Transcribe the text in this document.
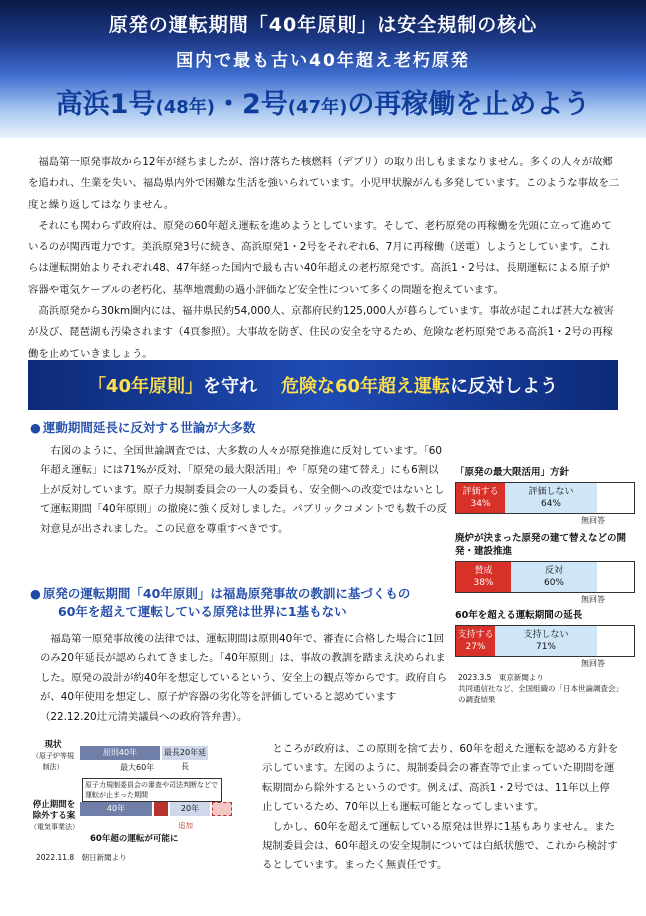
原発の運転期間「40年原則」は安全規制の核心
国内で最も古い40年超え老朽原発
高浜1号(48年)・2号(47年)の再稼働を止めよう

福島第一原発事故から12年が経ちましたが、溶け落ちた核燃料（デブリ）の取り出しもままなりません。多くの人々が故郷を追われ、生業を失い、福島県内外で困難な生活を強いられています。小児甲状腺がんも多発しています。このような事故を二度と繰り返してはなりません。

それにも関わらず政府は、原発の60年超え運転を進めようとしています。そして、老朽原発の再稼働を先頭に立って進めているのが関西電力です。美浜原発3号に続き、高浜原発1・2号をそれぞれ6、7月に再稼働（送電）しようとしています。これらは運転開始よりそれぞれ48、47年経った国内で最も古い40年超えの老朽原発です。高浜1・2号は、長期運転による原子炉容器や電気ケーブルの老朽化、基準地震動の過小評価など安全性について多くの問題を抱えています。

高浜原発から30km圏内には、福井県民約54,000人、京都府民約125,000人が暮らしています。事故が起これば甚大な被害が及び、琵琶湖も汚染されます（4頁参照）。大事故を防ぎ、住民の安全を守るため、危険な老朽原発である高浜1・2号の再稼働を止めていきましょう。

「40年原則」を守れ 危険な60年超え運転に反対しよう
● 運動期間延長に反対する世論が大多数

右図のように、全国世論調査では、大多数の人々が原発推進に反対しています。「60年超え運転」には71%が反対、「原発の最大限活用」や「原発の建て替え」にも6割以上が反対しています。原子力規制委員会の一人の委員も、安全側への改変ではないとして運転期間「40年原則」の撤廃に強く反対しました。パブリックコメントでも数千の反対意見が出されました。この民意を尊重すべきです。

「原発の最大限活用」方針
評価する
34%
評価しない
64%
無回答
廃炉が決まった原発の建て替えなどの開発・建設推進
賛成
38%
反対
60%
無回答
60年を超える運転期間の延長
支持する
27%
支持しない
71%
無回答
2023.3.5　東京新聞より
共同通信社など、全国組織の「日本世論調査会」
の調査結果
● 原発の運転期間「40年原則」は福島原発事故の教訓に基づくもの
60年を超えて運転している原発は世界に1基もない

福島第一原発事故後の法律では、運転期間は原則40年で、審査に合格した場合に1回のみ20年延長が認められてきました。「40年原則」は、事故の教訓を踏まえ決められました。原発の設計が約40年を想定しているという、安全上の観点等からです。政府自らが、40年使用を想定し、原子炉容器の劣化等を評価していると認めています（22.12.20辻元清美議員への政府答弁書）。

現状
（原子炉等規制法）
原則40年	最長20年延長
最大60年
原子力規制委員会の審査や司法判断などで運転が止まった期間
停止期間を除外する案
（電気事業法）
40年	20年
追加
60年超の運転が可能に
2022.11.8　朝日新聞より

ところが政府は、この原則を捨て去り、60年を超えた運転を認める方針を示しています。左図のように、規制委員会の審査等で止まっていた期間を運転期間から除外するというのです。例えば、高浜1・2号では、11年以上停止しているため、70年以上も運転可能となってしまいます。

しかし、60年を超えて運転している原発は世界に1基もありません。また規制委員会は、60年超えの安全規制については白紙状態で、これから検討するとしています。まったく無責任です。
